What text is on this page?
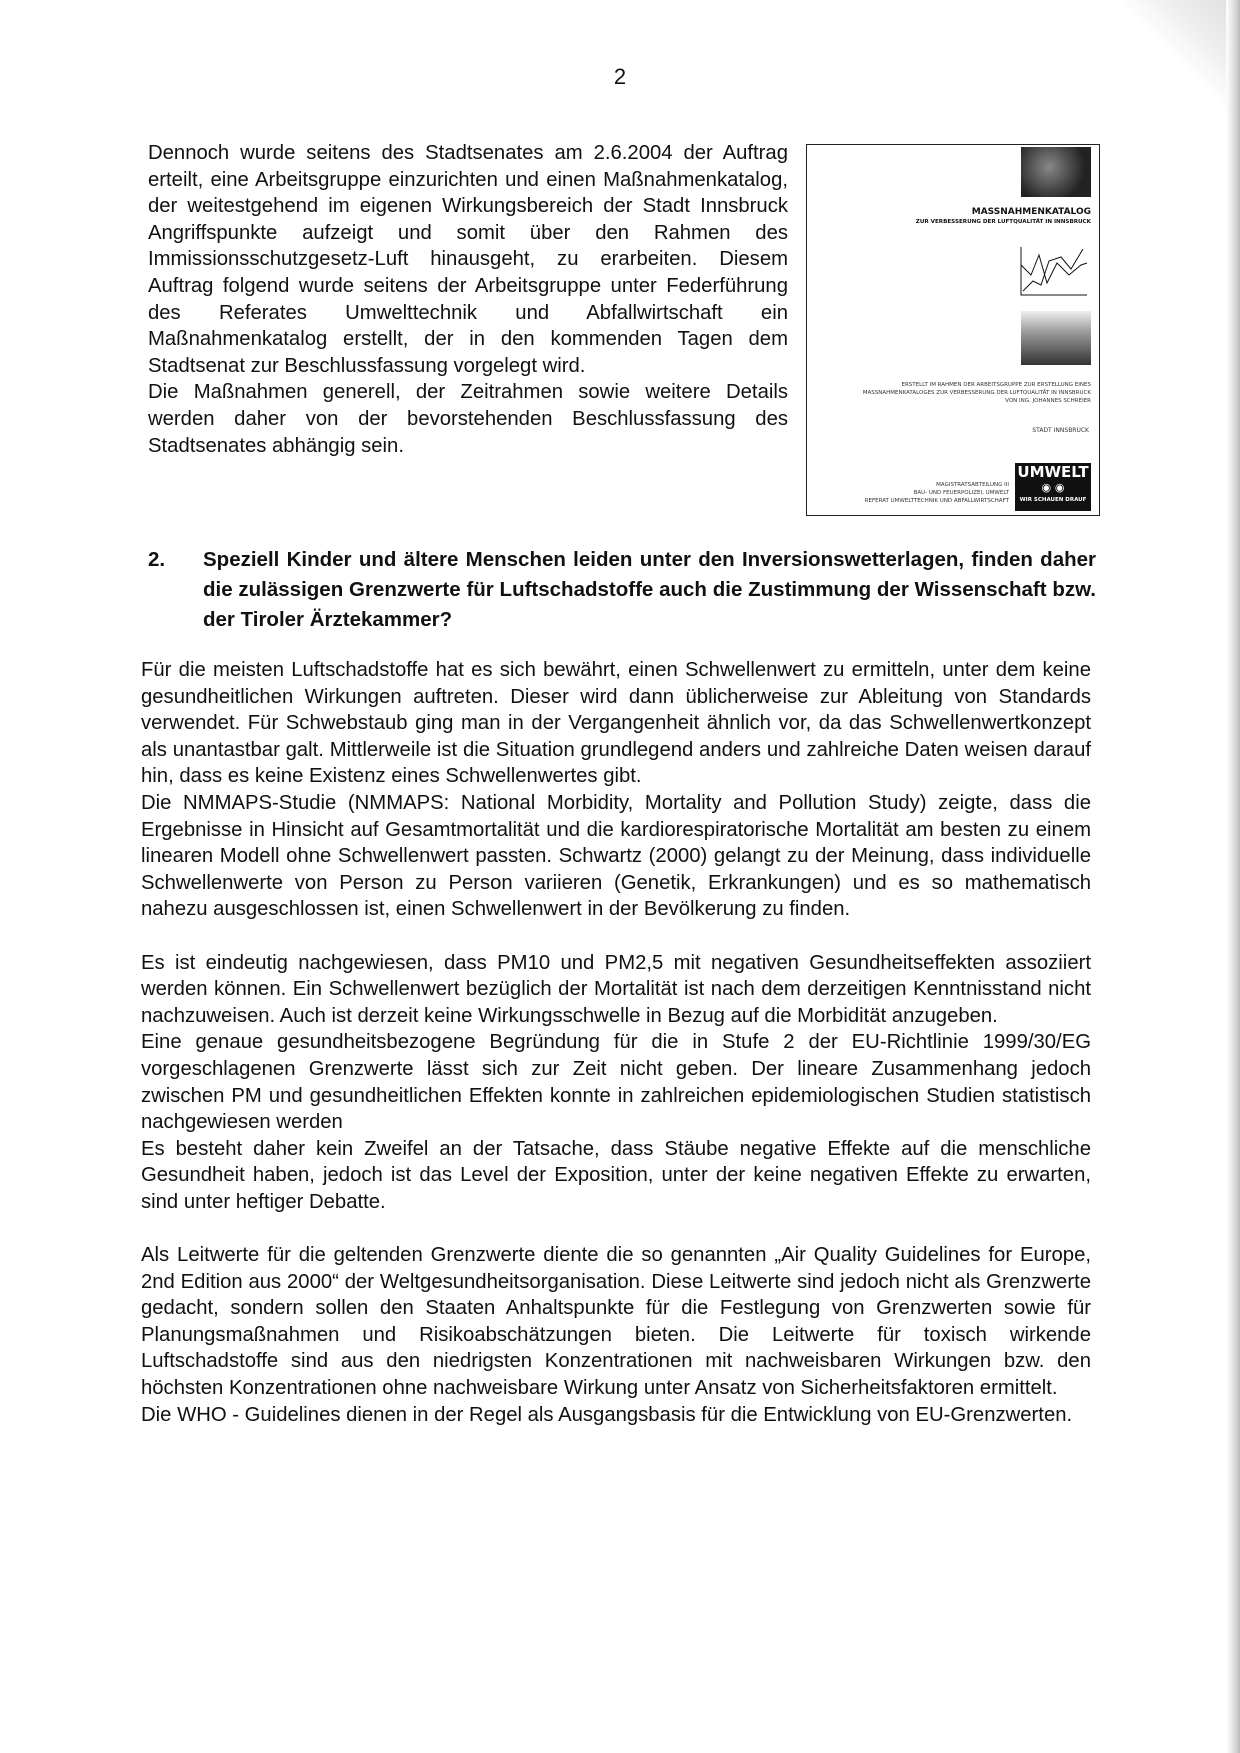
2

Dennoch wurde seitens des Stadtsenates am 2.6.2004 der Auftrag erteilt, eine Arbeitsgruppe einzurichten und einen Maßnahmenkatalog, der weitestgehend im eigenen Wirkungsbereich der Stadt Innsbruck Angriffspunkte aufzeigt und somit über den Rahmen des Immissionsschutzgesetz-Luft hinausgeht, zu erarbeiten. Diesem Auftrag folgend wurde seitens der Arbeitsgruppe unter Federführung des Referates Umwelttechnik und Abfallwirtschaft ein Maßnahmenkatalog erstellt, der in den kommenden Tagen dem Stadtsenat zur Beschlussfassung vorgelegt wird.
Die Maßnahmen generell, der Zeitrahmen sowie weitere Details werden daher von der bevorstehenden Beschlussfassung des Stadtsenates abhängig sein.

MASSNAHMENKATALOG
ZUR VERBESSERUNG DER LUFTQUALITÄT IN INNSBRUCK
ERSTELLT IM RAHMEN DER ARBEITSGRUPPE ZUR ERSTELLUNG EINES MASSNAHMENKATALOGES ZUR VERBESSERUNG DER LUFTQUALITÄT IN INNSBRUCK VON ING. JOHANNES SCHREIER
STADT INNSBRUCK
MAGISTRATSABTEILUNG III
BAU- UND FEUERPOLIZEI, UMWELT
REFERAT UMWELTTECHNIK UND ABFALLWIRTSCHAFT
UMWELT
◉ ◉
WIR SCHAUEN DRAUF
2. Speziell Kinder und ältere Menschen leiden unter den Inversionswetterlagen, finden daher die zulässigen Grenzwerte für Luftschadstoffe auch die Zustimmung der Wissenschaft bzw. der Tiroler Ärztekammer?

Für die meisten Luftschadstoffe hat es sich bewährt, einen Schwellenwert zu ermitteln, unter dem keine gesundheitlichen Wirkungen auftreten. Dieser wird dann üblicherweise zur Ableitung von Standards verwendet. Für Schwebstaub ging man in der Vergangenheit ähnlich vor, da das Schwellenwertkonzept als unantastbar galt. Mittlerweile ist die Situation grundlegend anders und zahlreiche Daten weisen darauf hin, dass es keine Existenz eines Schwellenwertes gibt.

Die NMMAPS-Studie (NMMAPS: National Morbidity, Mortality and Pollution Study) zeigte, dass die Ergebnisse in Hinsicht auf Gesamtmortalität und die kardiorespiratorische Mortalität am besten zu einem linearen Modell ohne Schwellenwert passten. Schwartz (2000) gelangt zu der Meinung, dass individuelle Schwellenwerte von Person zu Person variieren (Genetik, Erkrankungen) und es so mathematisch nahezu ausgeschlossen ist, einen Schwellenwert in der Bevölkerung zu finden.

Es ist eindeutig nachgewiesen, dass PM10 und PM2,5 mit negativen Gesundheitseffekten assoziiert werden können. Ein Schwellenwert bezüglich der Mortalität ist nach dem derzeitigen Kenntnisstand nicht nachzuweisen. Auch ist derzeit keine Wirkungsschwelle in Bezug auf die Morbidität anzugeben.

Eine genaue gesundheitsbezogene Begründung für die in Stufe 2 der EU-Richtlinie 1999/30/EG vorgeschlagenen Grenzwerte lässt sich zur Zeit nicht geben. Der lineare Zusammenhang jedoch zwischen PM und gesundheitlichen Effekten konnte in zahlreichen epidemiologischen Studien statistisch nachgewiesen werden

Es besteht daher kein Zweifel an der Tatsache, dass Stäube negative Effekte auf die menschliche Gesundheit haben, jedoch ist das Level der Exposition, unter der keine negativen Effekte zu erwarten, sind unter heftiger Debatte.

Als Leitwerte für die geltenden Grenzwerte diente die so genannten „Air Quality Guidelines for Europe, 2nd Edition aus 2000“ der Weltgesundheitsorganisation. Diese Leitwerte sind jedoch nicht als Grenzwerte gedacht, sondern sollen den Staaten Anhaltspunkte für die Festlegung von Grenzwerten sowie für Planungsmaßnahmen und Risikoabschätzungen bieten. Die Leitwerte für toxisch wirkende Luftschadstoffe sind aus den niedrigsten Konzentrationen mit nachweisbaren Wirkungen bzw. den höchsten Konzentrationen ohne nachweisbare Wirkung unter Ansatz von Sicherheitsfaktoren ermittelt.

Die WHO - Guidelines dienen in der Regel als Ausgangsbasis für die Entwicklung von EU-Grenzwerten.
